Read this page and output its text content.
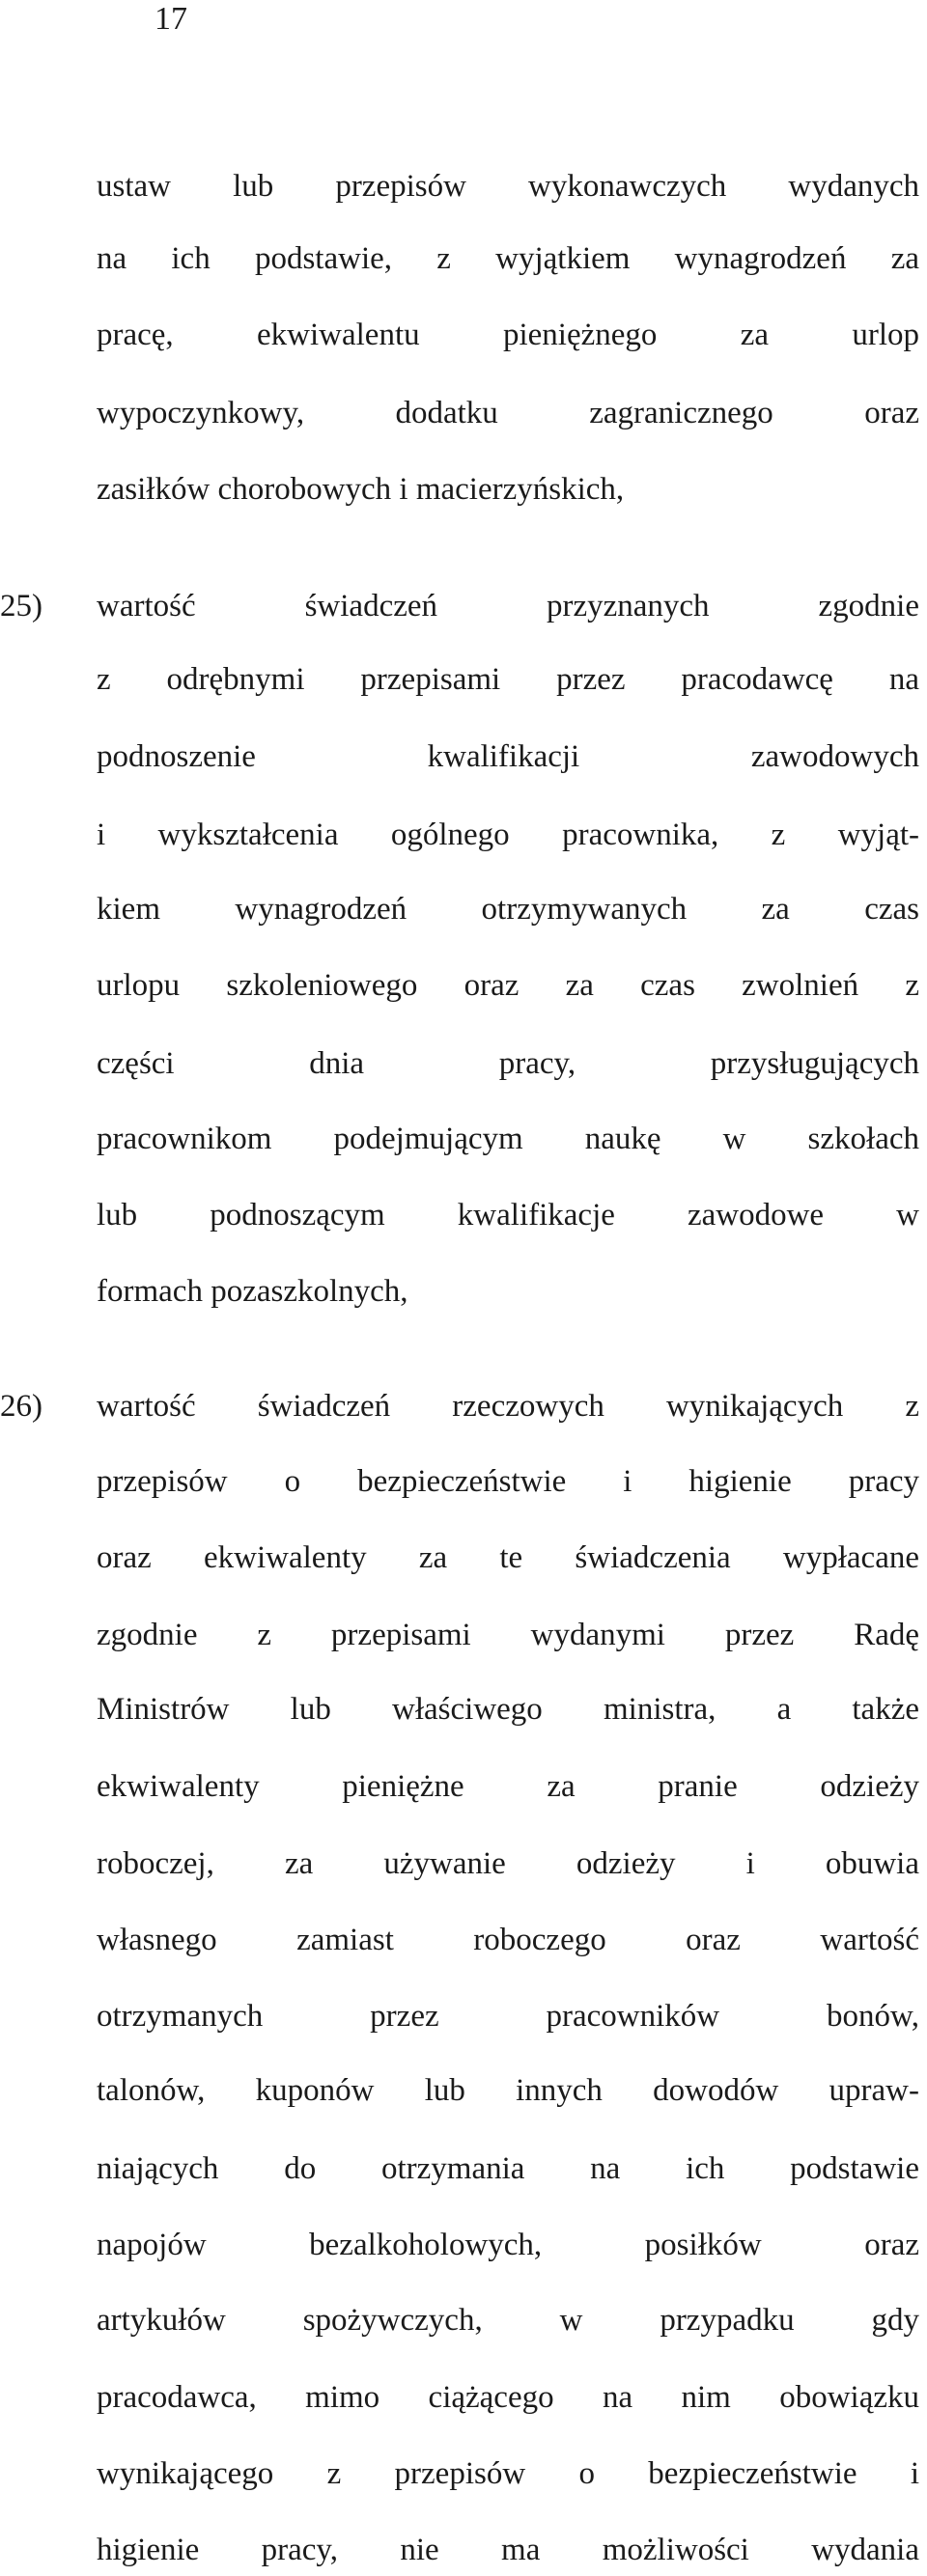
17
ustaw lub przepisów wykonawczych wydanych
na ich podstawie, z wyjątkiem wynagrodzeń za
pracę, ekwiwalentu pieniężnego za urlop
wypoczynkowy, dodatku zagranicznego oraz
zasiłków chorobowych i macierzyńskich,
25)	wartość świadczeń przyznanych zgodnie
z odrębnymi przepisami przez pracodawcę na
podnoszenie kwalifikacji zawodowych
i wykształcenia ogólnego pracownika, z wyjąt-
kiem wynagrodzeń otrzymywanych za czas
urlopu szkoleniowego oraz za czas zwolnień z
części dnia pracy, przysługujących
pracownikom podejmującym naukę w szkołach
lub podnoszącym kwalifikacje zawodowe w
formach pozaszkolnych,
26)	wartość świadczeń rzeczowych wynikających z
przepisów o bezpieczeństwie i higienie pracy
oraz ekwiwalenty za te świadczenia wypłacane
zgodnie z przepisami wydanymi przez Radę
Ministrów lub właściwego ministra, a także
ekwiwalenty pieniężne za pranie odzieży
roboczej, za używanie odzieży i obuwia
własnego zamiast roboczego oraz wartość
otrzymanych przez pracowników bonów,
talonów, kuponów lub innych dowodów upraw-
niających do otrzymania na ich podstawie
napojów bezalkoholowych, posiłków oraz
artykułów spożywczych, w przypadku gdy
pracodawca, mimo ciążącego na nim obowiązku
wynikającego z przepisów o bezpieczeństwie i
higienie pracy, nie ma możliwości wydania
